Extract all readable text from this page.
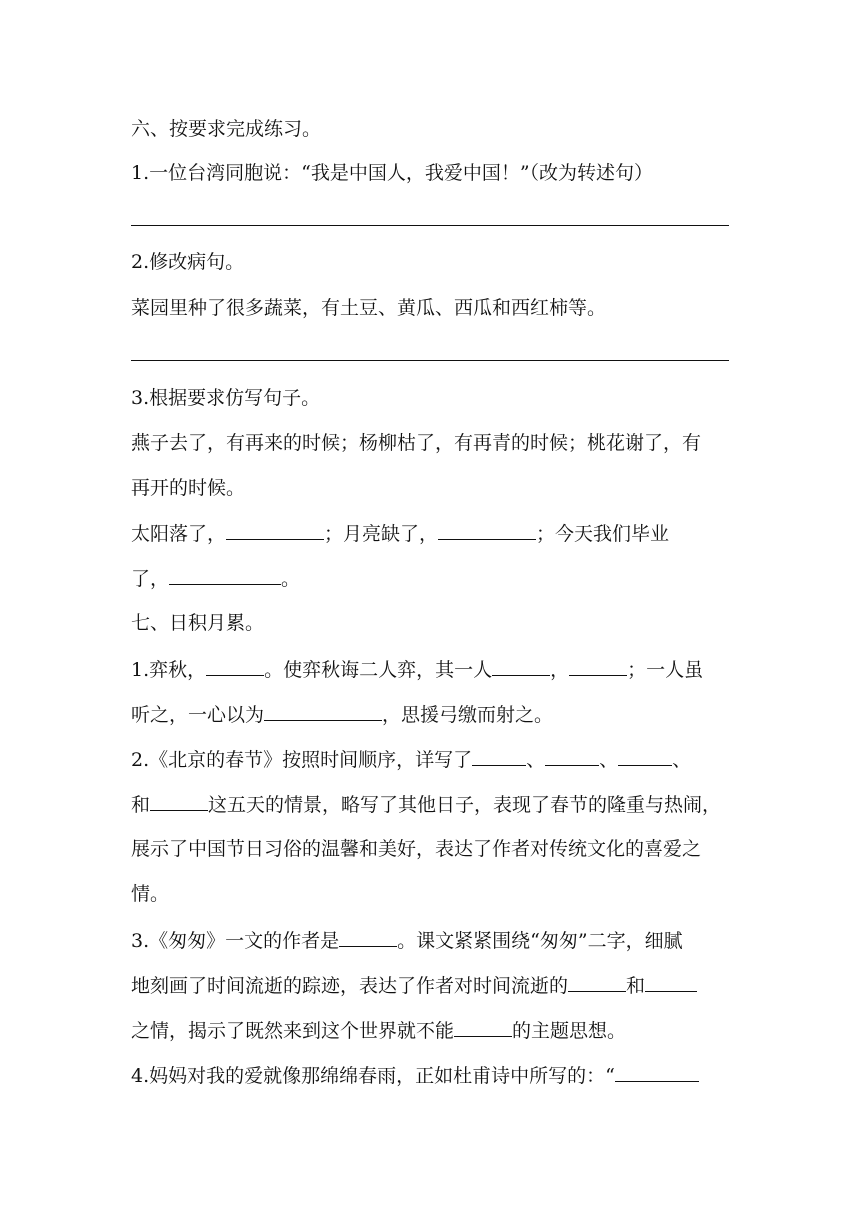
六、按要求完成练习。
1.一位台湾同胞说：“我是中国人，我爱中国！”（改为转述句）
2.修改病句。
菜园里种了很多蔬菜，有土豆、黄瓜、西瓜和西红柿等。
3.根据要求仿写句子。
燕子去了，有再来的时候；杨柳枯了，有再青的时候；桃花谢了，有
再开的时候。
太阳落了，	；月亮缺了，	；今天我们毕业
了，	。
七、日积月累。
1.弈秋，	。使弈秋诲二人弈，其一人	，	；一人虽
听之，一心以为	，思援弓缴而射之。
2.《北京的春节》按照时间顺序，详写了	、	、	、
和	这五天的情景，略写了其他日子，表现了春节的隆重与热闹，
展示了中国节日习俗的温馨和美好，表达了作者对传统文化的喜爱之
情。
3.《匆匆》一文的作者是	。课文紧紧围绕“匆匆”二字，细腻
地刻画了时间流逝的踪迹，表达了作者对时间流逝的	和
之情，揭示了既然来到这个世界就不能	的主题思想。
4.妈妈对我的爱就像那绵绵春雨，正如杜甫诗中所写的：“
